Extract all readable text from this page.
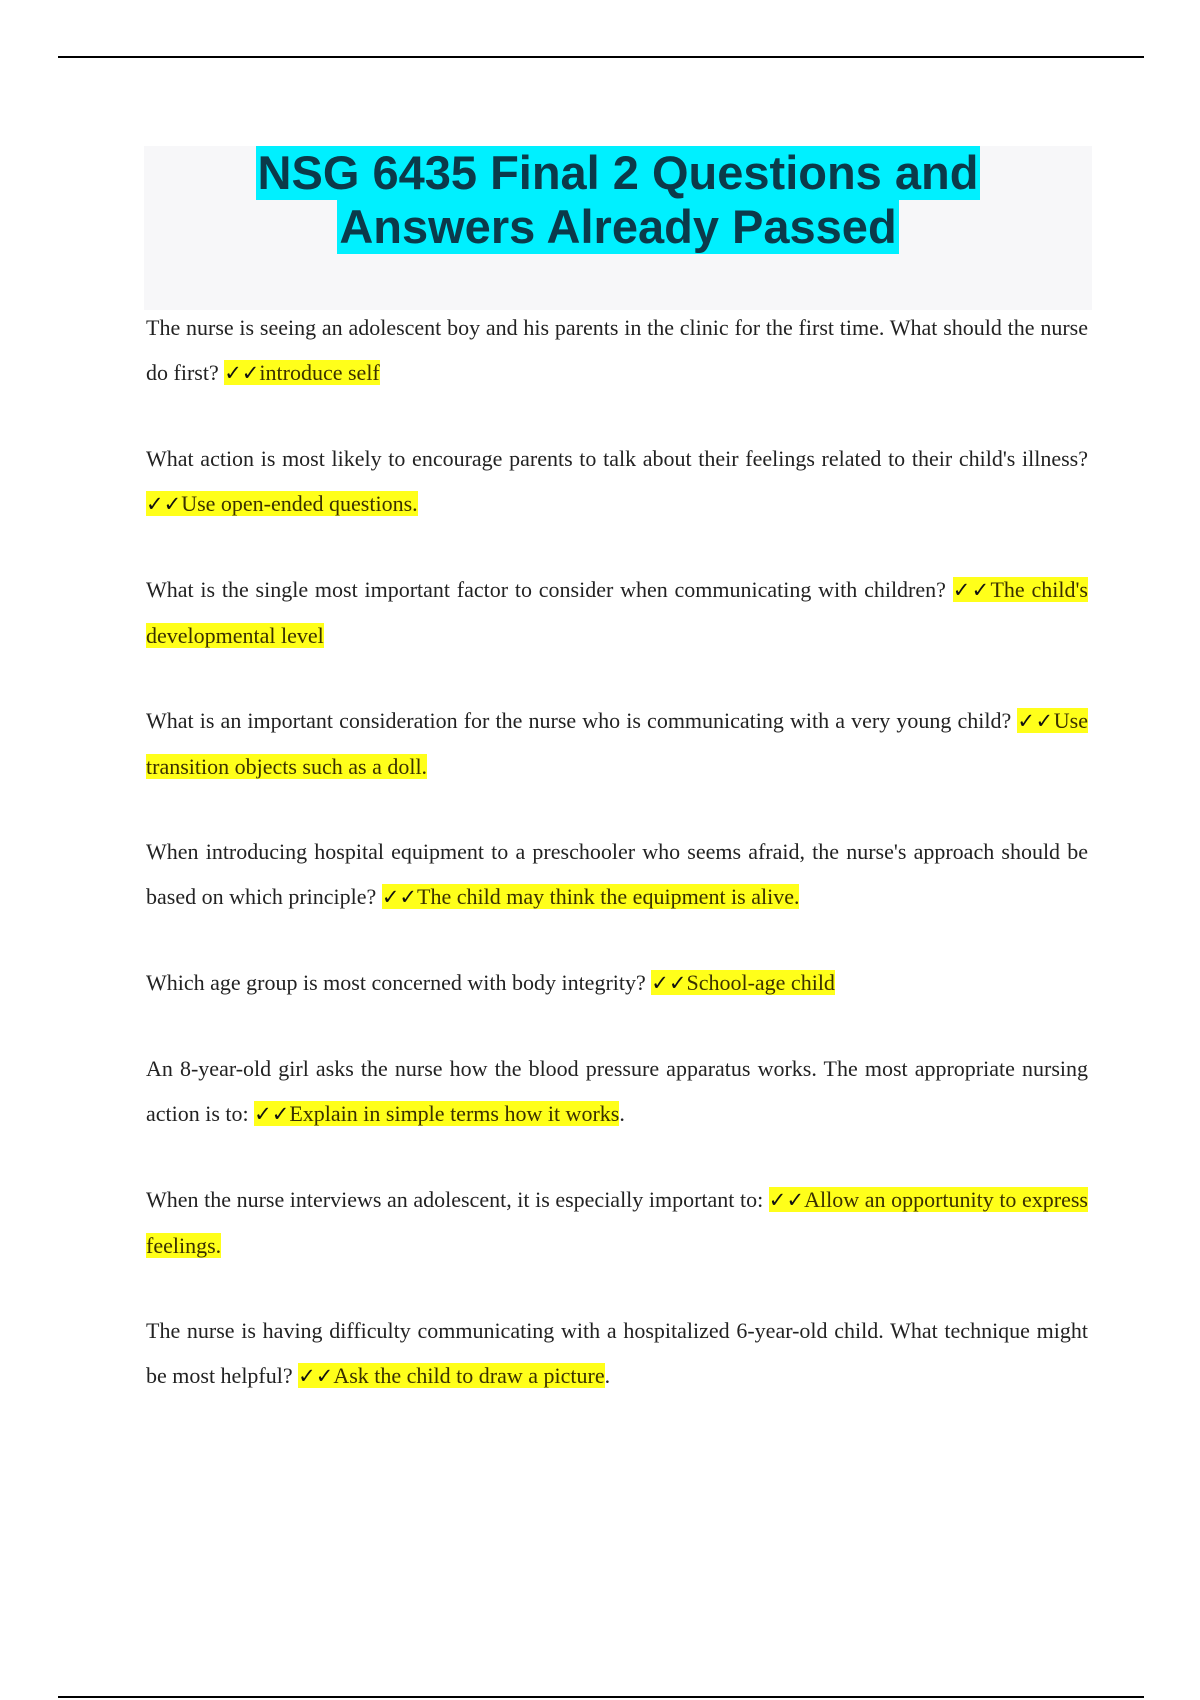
NSG 6435 Final 2 Questions and
Answers Already Passed

The nurse is seeing an adolescent boy and his parents in the clinic for the first time. What should the nurse do first? ✓✓introduce self

What action is most likely to encourage parents to talk about their feelings related to their child's illness? ✓✓Use open-ended questions.

What is the single most important factor to consider when communicating with children? ✓✓The child's developmental level

What is an important consideration for the nurse who is communicating with a very young child? ✓✓Use transition objects such as a doll.

When introducing hospital equipment to a preschooler who seems afraid, the nurse's approach should be based on which principle? ✓✓The child may think the equipment is alive.

Which age group is most concerned with body integrity? ✓✓School-age child

An 8-year-old girl asks the nurse how the blood pressure apparatus works. The most appropriate nursing action is to: ✓✓Explain in simple terms how it works.

When the nurse interviews an adolescent, it is especially important to: ✓✓Allow an opportunity to express feelings.

The nurse is having difficulty communicating with a hospitalized 6-year-old child. What technique might be most helpful? ✓✓Ask the child to draw a picture.
